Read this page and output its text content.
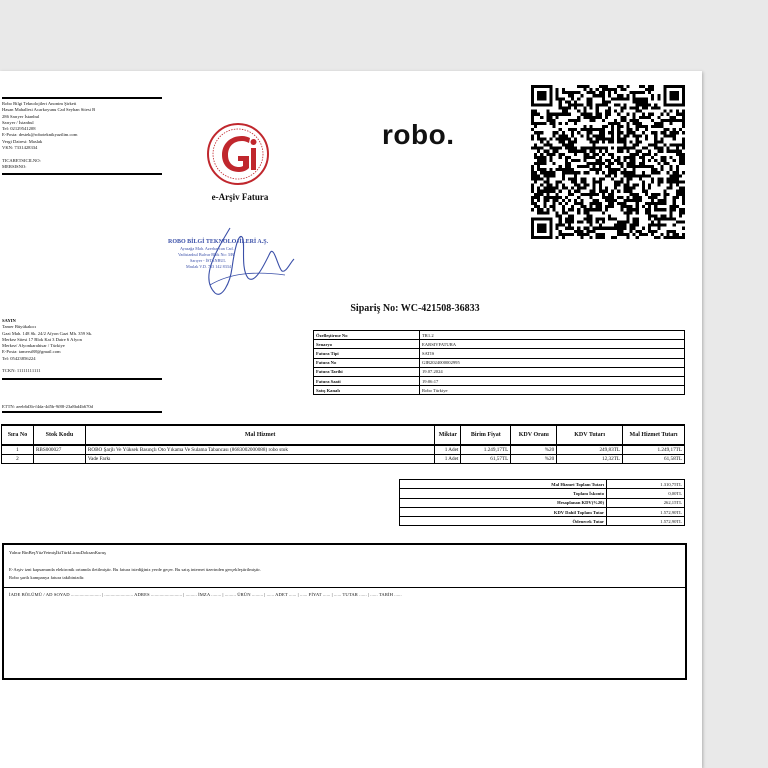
Robo Bilgi Teknolojileri Anonim Şirketi
Hasan Mahallesi Acarkoyunu Cad Seyhan Sitesi B
286 Sarıyer İstanbul
Sarıyer / İstanbul
Tel: 02129541208
E-Posta: destek@roboteknikyazilim.com
Vergi Dairesi: Maslak
VKN: 7331428334

TICARETSICILNO:
MERSISNO:
e-Arşiv Fatura
ROBO BİLGİ TEKNOLOJİLERİ A.Ş.
Ayazağa Mah. Azerbaycan Cad.
Vadistanbul Bulvar Blok No: 3/B
Sarıyer - İSTANBUL
Maslak V.D. 733 142 8334
robo.
Sipariş No: WC-421508-36833
SAYIN
Tamer Büyükakıcı
Gazi Mah. 148 Sk. 24/2 Afyon Gazi Mh. 359 Sk.
Merkez Sitesi 17 Blok Kat 3 Daire 6 Afyon
Merkez/ Afyonkarahisar / Türkiye
E-Posta: tamerst88@gmail.com
Tel: 05423856224

TCKN: 11111111111
ETTN: aeeb6d3b-f4da-4d5b-9f88-23a8bd4b670d
Özelleştirme No	TR1.2
Senaryo	EARSIVFATURA
Fatura Tipi	SATIS
Fatura No	GIB2024000002995
Fatura Tarihi	19.07.2024
Fatura Saati	19:06:17
Satış Kanalı	Robo Türkiye
Sıra No	Stok Kodu	Mal Hizmet	Miktar	Birim Fiyat	KDV Oranı	KDV Tutarı	Mal Hizmet Tutarı
1	RBS000027	ROBO Şarjlı Ve Yüksek Basınçlı Oto Yıkama Ve Sulama Tabancası (8683002000088) robo stok	1 Adet	1.249,17TL	%20	249,83TL	1.249,17TL
2		Vade Farkı	1 Adet	61,57TL	%20	12,32TL	61,58TL
Mal Hizmet Toplam Tutarı	1.310,75TL
Toplam İskonto	0,00TL
Hesaplanan KDV(%20)	262,15TL
KDV Dahil Toplam Tutar	1.572,90TL
Ödenecek Tutar	1.572,90TL
Yalnız BinBeşYüzYetmişİkiTürkLirasıDoksanKuruş
E-Arşiv izni kapsamında elektronik ortamda iletilmiştir. Bu fatura istediğiniz yerde geçer. Bu satış internet üzerinden gerçekleştirilmiştir.
Robo şartlı kampanya fatura takibinizdir.
İADE BÖLÜMÜ / AD SOYAD ........................ | ....................... ADRES ......................... | ......... İMZA ........ | ......... ÜRÜN ......... | ...... ADET ...... | ...... FİYAT ...... | ...... TUTAR ...... | ...... TARİH ......
